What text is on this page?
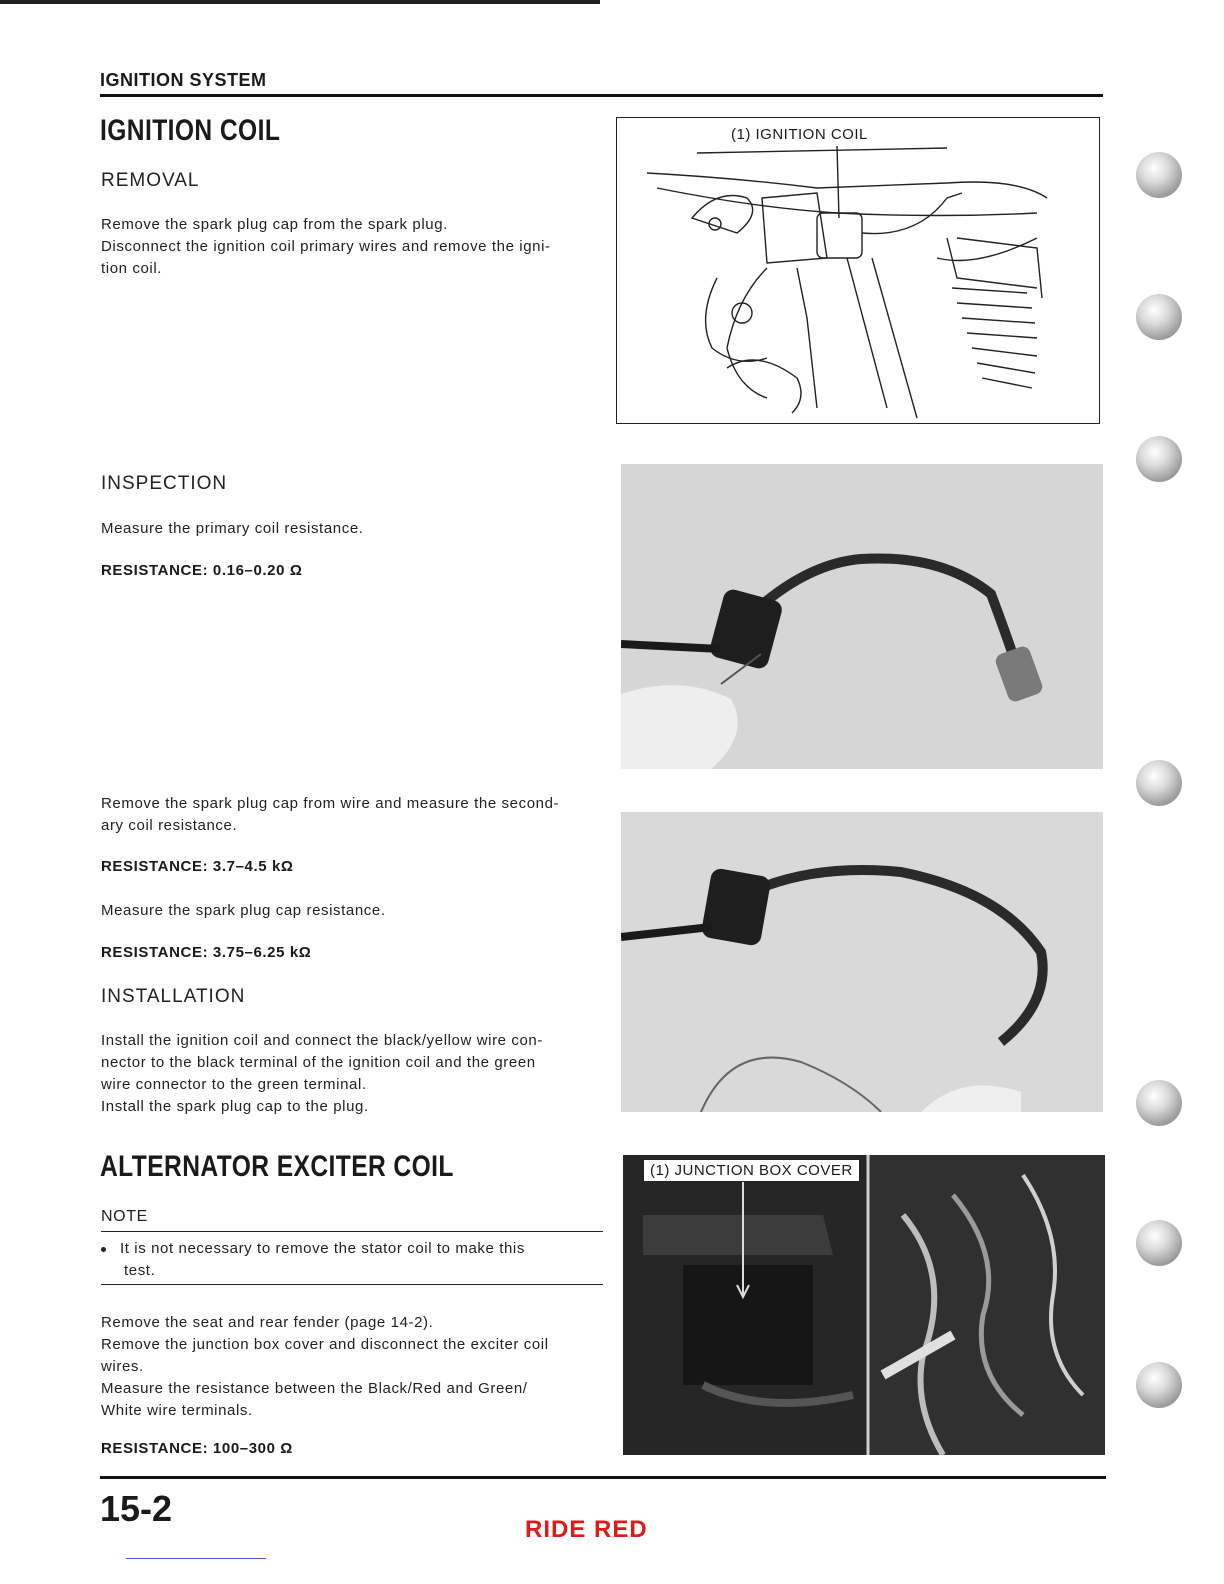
IGNITION SYSTEM
IGNITION COIL
REMOVAL
Remove the spark plug cap from the spark plug.
Disconnect the ignition coil primary wires and remove the igni-
tion coil.
(1) IGNITION COIL
INSPECTION
Measure the primary coil resistance.
RESISTANCE: 0.16–0.20 Ω
Remove the spark plug cap from wire and measure the second-
ary coil resistance.
RESISTANCE: 3.7–4.5 kΩ
Measure the spark plug cap resistance.
RESISTANCE: 3.75–6.25 kΩ
INSTALLATION
Install the ignition coil and connect the black/yellow wire con-
nector to the black terminal of the ignition coil and the green
wire connector to the green terminal.
Install the spark plug cap to the plug.
ALTERNATOR EXCITER COIL
NOTE
It is not necessary to remove the stator coil to make this
test.
Remove the seat and rear fender (page 14-2).
Remove the junction box cover and disconnect the exciter coil
wires.
Measure the resistance between the Black/Red and Green/
White wire terminals.
RESISTANCE: 100–300 Ω
(1) JUNCTION BOX COVER
15-2
RIDE RED
